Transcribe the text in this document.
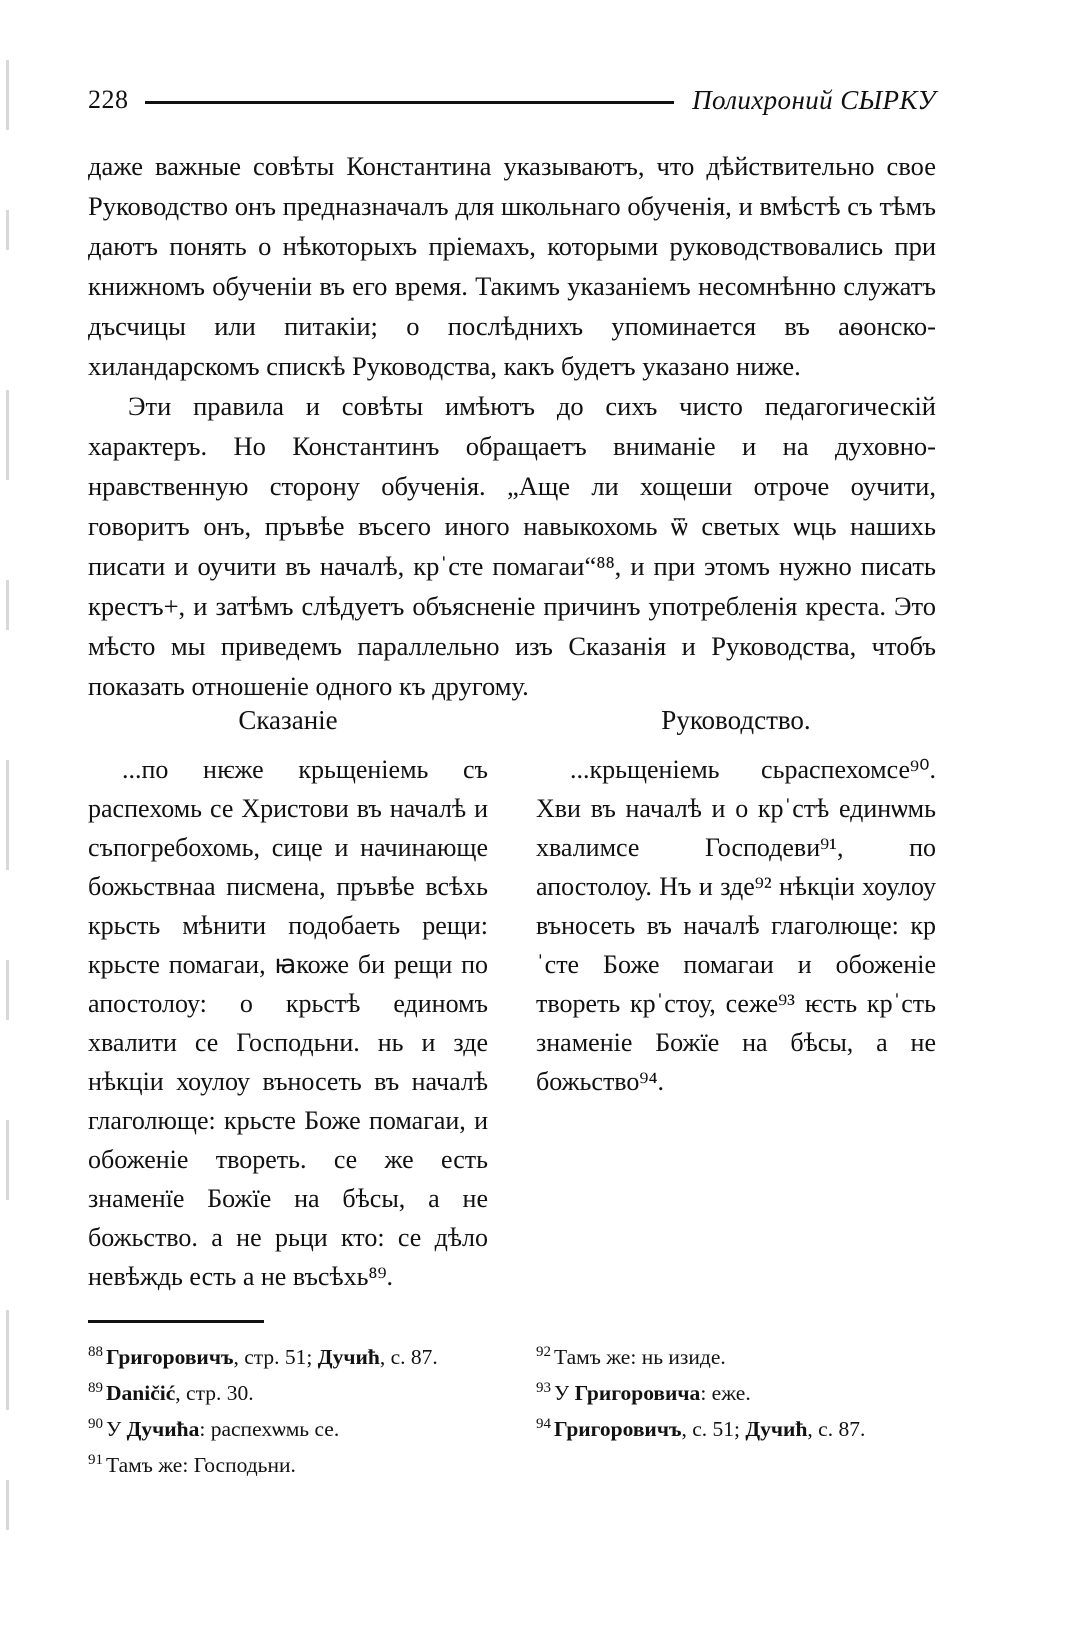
228	Полихроний СЫРКУ

даже важные совѣты Константина указываютъ, что дѣйствительно свое Руководство онъ предназначалъ для школьнаго обученія, и вмѣстѣ съ тѣмъ даютъ понять о нѣкоторыхъ пріемахъ, которыми руководствовались при книжномъ обученіи въ его время. Такимъ указаніемъ несомнѣнно служатъ дъсчицы или питакіи; о послѣднихъ упоминается въ аѳонско-хиландарскомъ спискѣ Руководства, какъ будетъ указано ниже.

Эти правила и совѣты имѣютъ до сихъ чисто педагогическій характеръ. Но Константинъ обращаетъ вниманіе и на духовно-нравственную сторону обученія. „Аще ли хощеши отроче оучити, говоритъ онъ, пръвѣе въсего иного навыкохомь ѿ светых ѡць нашихь писати и оучити въ началѣ, крˈсте помагаи“⁸⁸, и при этомъ нужно писать крестъ+, и затѣмъ слѣдуетъ объясненіе причинъ употребленія креста. Это мѣсто мы приведемъ параллельно изъ Сказанія и Руководства, чтобъ показать отношеніе одного къ другому.

Сказаніе

...по нѥже крьщеніемь съ распехомь се Христови въ началѣ и съпогребохомь, сице и начинающе божьствнаа писмена, пръвѣе всѣхь крьсть мѣнити подобаеть рещи: крьсте помагаи, ꙗкоже би рещи по апостолоу: о крьстѣ единомъ хвалити се Господьни. нь и зде нѣкціи хоулоу въносеть въ началѣ глаголюще: крьсте Боже помагаи, и обоженіе твореть. се же есть знаменїе Божїе на бѣсы, а не божьство. а не рьци кто: се дѣло невѣждь есть а не въсѣхь⁸⁹.

Руководство.

...крьщеніемь сьраспехомсе⁹⁰. Хви въ началѣ и о крˈстѣ единѡмь хвалимсе Господеви⁹¹, по апостолоу. Нъ и зде⁹² нѣкціи хоулоу въносеть въ началѣ глаголюще: крˈсте Боже помагаи и обоженіе твореть крˈстоу, сеже⁹³ ѥсть крˈсть знаменіе Божїе на бѣсы, а не божьство⁹⁴.

$^{88}$ Григоровичъ, стр. 51; Дучић, с. 87.

$^{89}$ Daničić, стр. 30.

$^{90}$ У Дучиħа: распехѡмь се.

$^{91}$ Тамъ же: Господьни.

$^{92}$ Тамъ же: нь изиде.

$^{93}$ У Григоровича: еже.

$^{94}$ Григоровичъ, с. 51; Дучић, с. 87.
